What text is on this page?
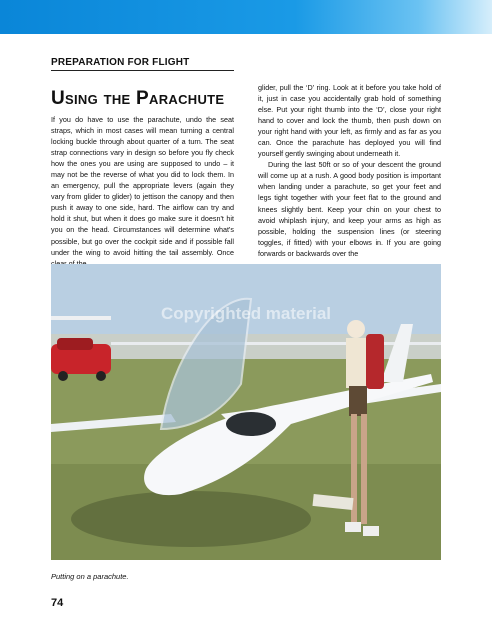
PREPARATION FOR FLIGHT
Using the Parachute

If you do have to use the parachute, undo the seat straps, which in most cases will mean turning a central locking buckle through about quarter of a turn. The seat strap connections vary in design so before you fly check how the ones you are using are supposed to undo – it may not be the reverse of what you did to lock them. In an emergency, pull the appropriate levers (again they vary from glider to glider) to jettison the canopy and then push it away to one side, hard. The airflow can try and hold it shut, but when it does go make sure it doesn't hit you on the head. Circumstances will determine what's possible, but go over the cockpit side and if possible fall under the wing to avoid hitting the tail assembly. Once

glider, pull the ‘D’ ring. Look at it before you take hold of it, just in case you accidentally grab hold of something else. Put your right thumb into the ‘D’, close your right hand to cover and lock the thumb, then push down on your right hand with your left, as firmly and as far as you can. Once the parachute has deployed you will find yourself gently swinging about underneath it.

During the last 50ft or so of your descent the ground will come up at a rush. A good body position is important when landing under a parachute, so get your feet and legs tight together with your feet flat to the ground and knees slightly bent. Keep your chin on your chest to avoid whiplash injury, and keep your arms as high as possible, holding the suspension lines (or steering toggles, if fitted) with your elbows in. If you are going forwards or backwards over the

Copyrighted material
Putting on a parachute.
74
